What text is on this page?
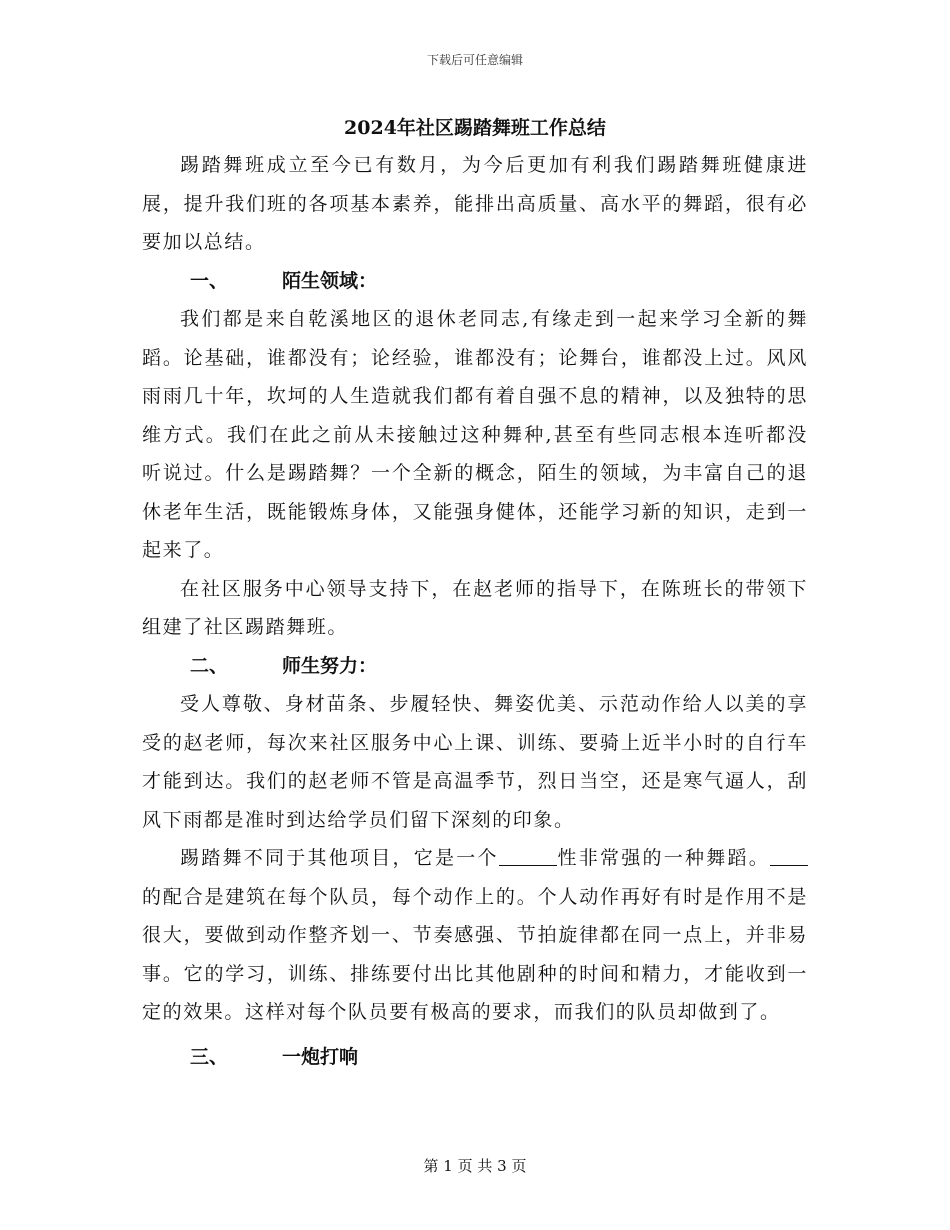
下载后可任意编辑
2024年社区踢踏舞班工作总结

踢踏舞班成立至今已有数月，为今后更加有利我们踢踏舞班健康进展，提升我们班的各项基本素养，能排出高质量、高水平的舞蹈，很有必要加以总结。

一、	陌生领域：

我们都是来自乾溪地区的退休老同志,有缘走到一起来学习全新的舞蹈。论基础，谁都没有；论经验，谁都没有；论舞台，谁都没上过。风风雨雨几十年，坎坷的人生造就我们都有着自强不息的精神，以及独特的思维方式。我们在此之前从未接触过这种舞种,甚至有些同志根本连听都没听说过。什么是踢踏舞？一个全新的概念，陌生的领域，为丰富自己的退休老年生活，既能锻炼身体，又能强身健体，还能学习新的知识，走到一起来了。

在社区服务中心领导支持下，在赵老师的指导下，在陈班长的带领下组建了社区踢踏舞班。

二、	师生努力：

受人尊敬、身材苗条、步履轻快、舞姿优美、示范动作给人以美的享受的赵老师，每次来社区服务中心上课、训练、要骑上近半小时的自行车才能到达。我们的赵老师不管是高温季节，烈日当空，还是寒气逼人，刮风下雨都是准时到达给学员们留下深刻的印象。

踢踏舞不同于其他项目，它是一个	性非常强的一种舞蹈。的配合是建筑在每个队员，每个动作上的。个人动作再好有时是作用不是很大，要做到动作整齐划一、节奏感强、节拍旋律都在同一点上，并非易事。它的学习，训练、排练要付出比其他剧种的时间和精力，才能收到一定的效果。这样对每个队员要有极高的要求，而我们的队员却做到了。

三、	一炮打响

第 1 页 共 3 页
